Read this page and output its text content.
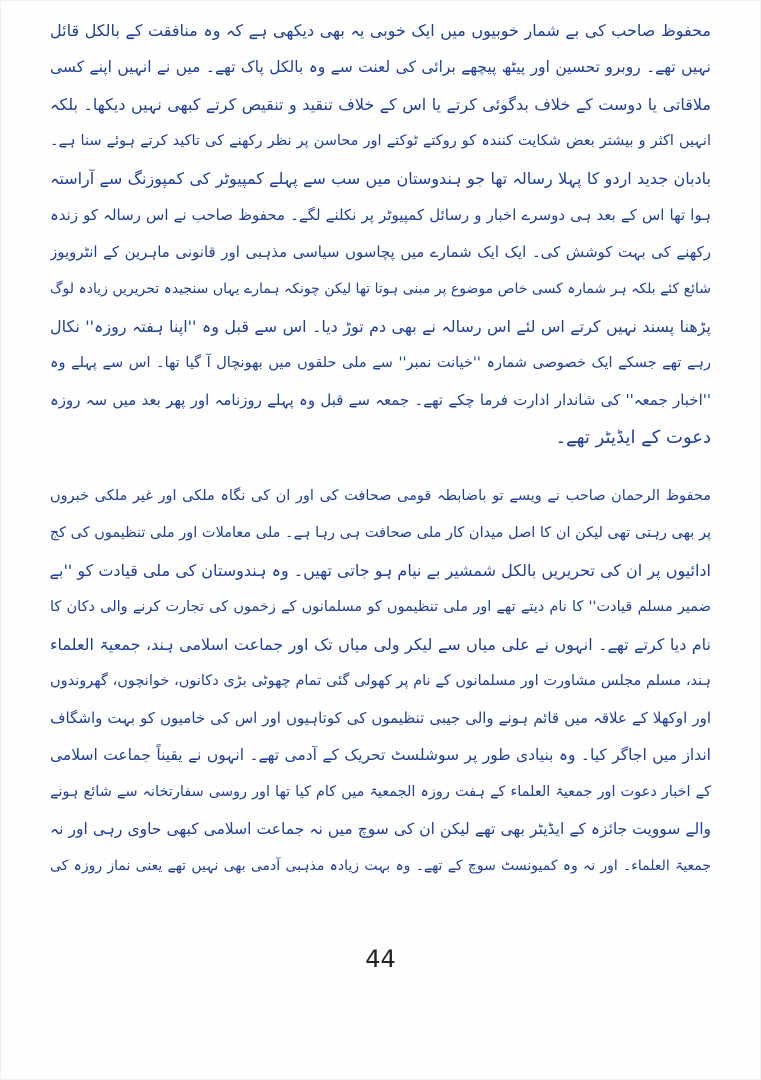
محفوظ صاحب کی بے شمار خوبیوں میں ایک خوبی یہ بھی دیکھی ہے کہ وہ منافقت کے بالکل قائل
نہیں تھے۔ روبرو تحسین اور پیٹھ پیچھے برائی کی لعنت سے وہ بالکل پاک تھے۔ میں نے انہیں اپنے کسی
ملاقاتی یا دوست کے خلاف بدگوئی کرتے یا اس کے خلاف تنقید و تنقیص کرتے کبھی نہیں دیکھا۔ بلکہ
انہیں اکثر و بیشتر بعض شکایت کنندہ کو روکتے ٹوکتے اور محاسن پر نظر رکھنے کی تاکید کرتے ہوئے سنا ہے۔
بادبان جدید اردو کا پہلا رسالہ تھا جو ہندوستان میں سب سے پہلے کمپیوٹر کی کمپوزنگ سے آراستہ
ہوا تھا اس کے بعد ہی دوسرے اخبار و رسائل کمپیوٹر پر نکلنے لگے۔ محفوظ صاحب نے اس رسالہ کو زندہ
رکھنے کی بہت کوشش کی۔ ایک ایک شمارے میں پچاسوں سیاسی مذہبی اور قانونی ماہرین کے انٹرویوز
شائع کئے بلکہ ہر شمارہ کسی خاص موضوع پر مبنی ہوتا تھا لیکن چونکہ ہمارے یہاں سنجیدہ تحریریں زیادہ لوگ
پڑھنا پسند نہیں کرتے اس لئے اس رسالہ نے بھی دم توڑ دیا۔ اس سے قبل وہ ''اپنا ہفتہ روزہ'' نکال
رہے تھے جسکے ایک خصوصی شمارہ ''خیانت نمبر'' سے ملی حلقوں میں بھونچال آ گیا تھا۔ اس سے پہلے وہ
''اخبار جمعہ'' کی شاندار ادارت فرما چکے تھے۔ جمعہ سے قبل وہ پہلے روزنامہ اور پھر بعد میں سہ روزہ
دعوت کے ایڈیٹر تھے۔
محفوظ الرحمان صاحب نے ویسے تو باضابطہ قومی صحافت کی اور ان کی نگاہ ملکی اور غیر ملکی خبروں
پر بھی رہتی تھی لیکن ان کا اصل میدان کار ملی صحافت ہی رہا ہے۔ ملی معاملات اور ملی تنظیموں کی کج
ادائیوں پر ان کی تحریریں بالکل شمشیر بے نیام ہو جاتی تھیں۔ وہ ہندوستان کی ملی قیادت کو ''بے
ضمیر مسلم قیادت'' کا نام دیتے تھے اور ملی تنظیموں کو مسلمانوں کے زخموں کی تجارت کرنے والی دکان کا
نام دیا کرتے تھے۔ انہوں نے علی میاں سے لیکر ولی میاں تک اور جماعت اسلامی ہند، جمعیۃ العلماء
ہند، مسلم مجلس مشاورت اور مسلمانوں کے نام پر کھولی گئی تمام چھوٹی بڑی دکانوں، خوانچوں، گھروندوں
اور اوکھلا کے علاقہ میں قائم ہونے والی جیبی تنظیموں کی کوتاہیوں اور اس کی خامیوں کو بہت واشگاف
انداز میں اجاگر کیا۔ وہ بنیادی طور پر سوشلسٹ تحریک کے آدمی تھے۔ انہوں نے یقیناً جماعت اسلامی
کے اخبار دعوت اور جمعیۃ العلماء کے ہفت روزہ الجمعیۃ میں کام کیا تھا اور روسی سفارتخانہ سے شائع ہونے
والے سوویت جائزہ کے ایڈیٹر بھی تھے لیکن ان کی سوچ میں نہ جماعت اسلامی کبھی حاوی رہی اور نہ
جمعیۃ العلماء۔ اور نہ وہ کمیونسٹ سوچ کے تھے۔ وہ بہت زیادہ مذہبی آدمی بھی نہیں تھے یعنی نماز روزہ کی
44
